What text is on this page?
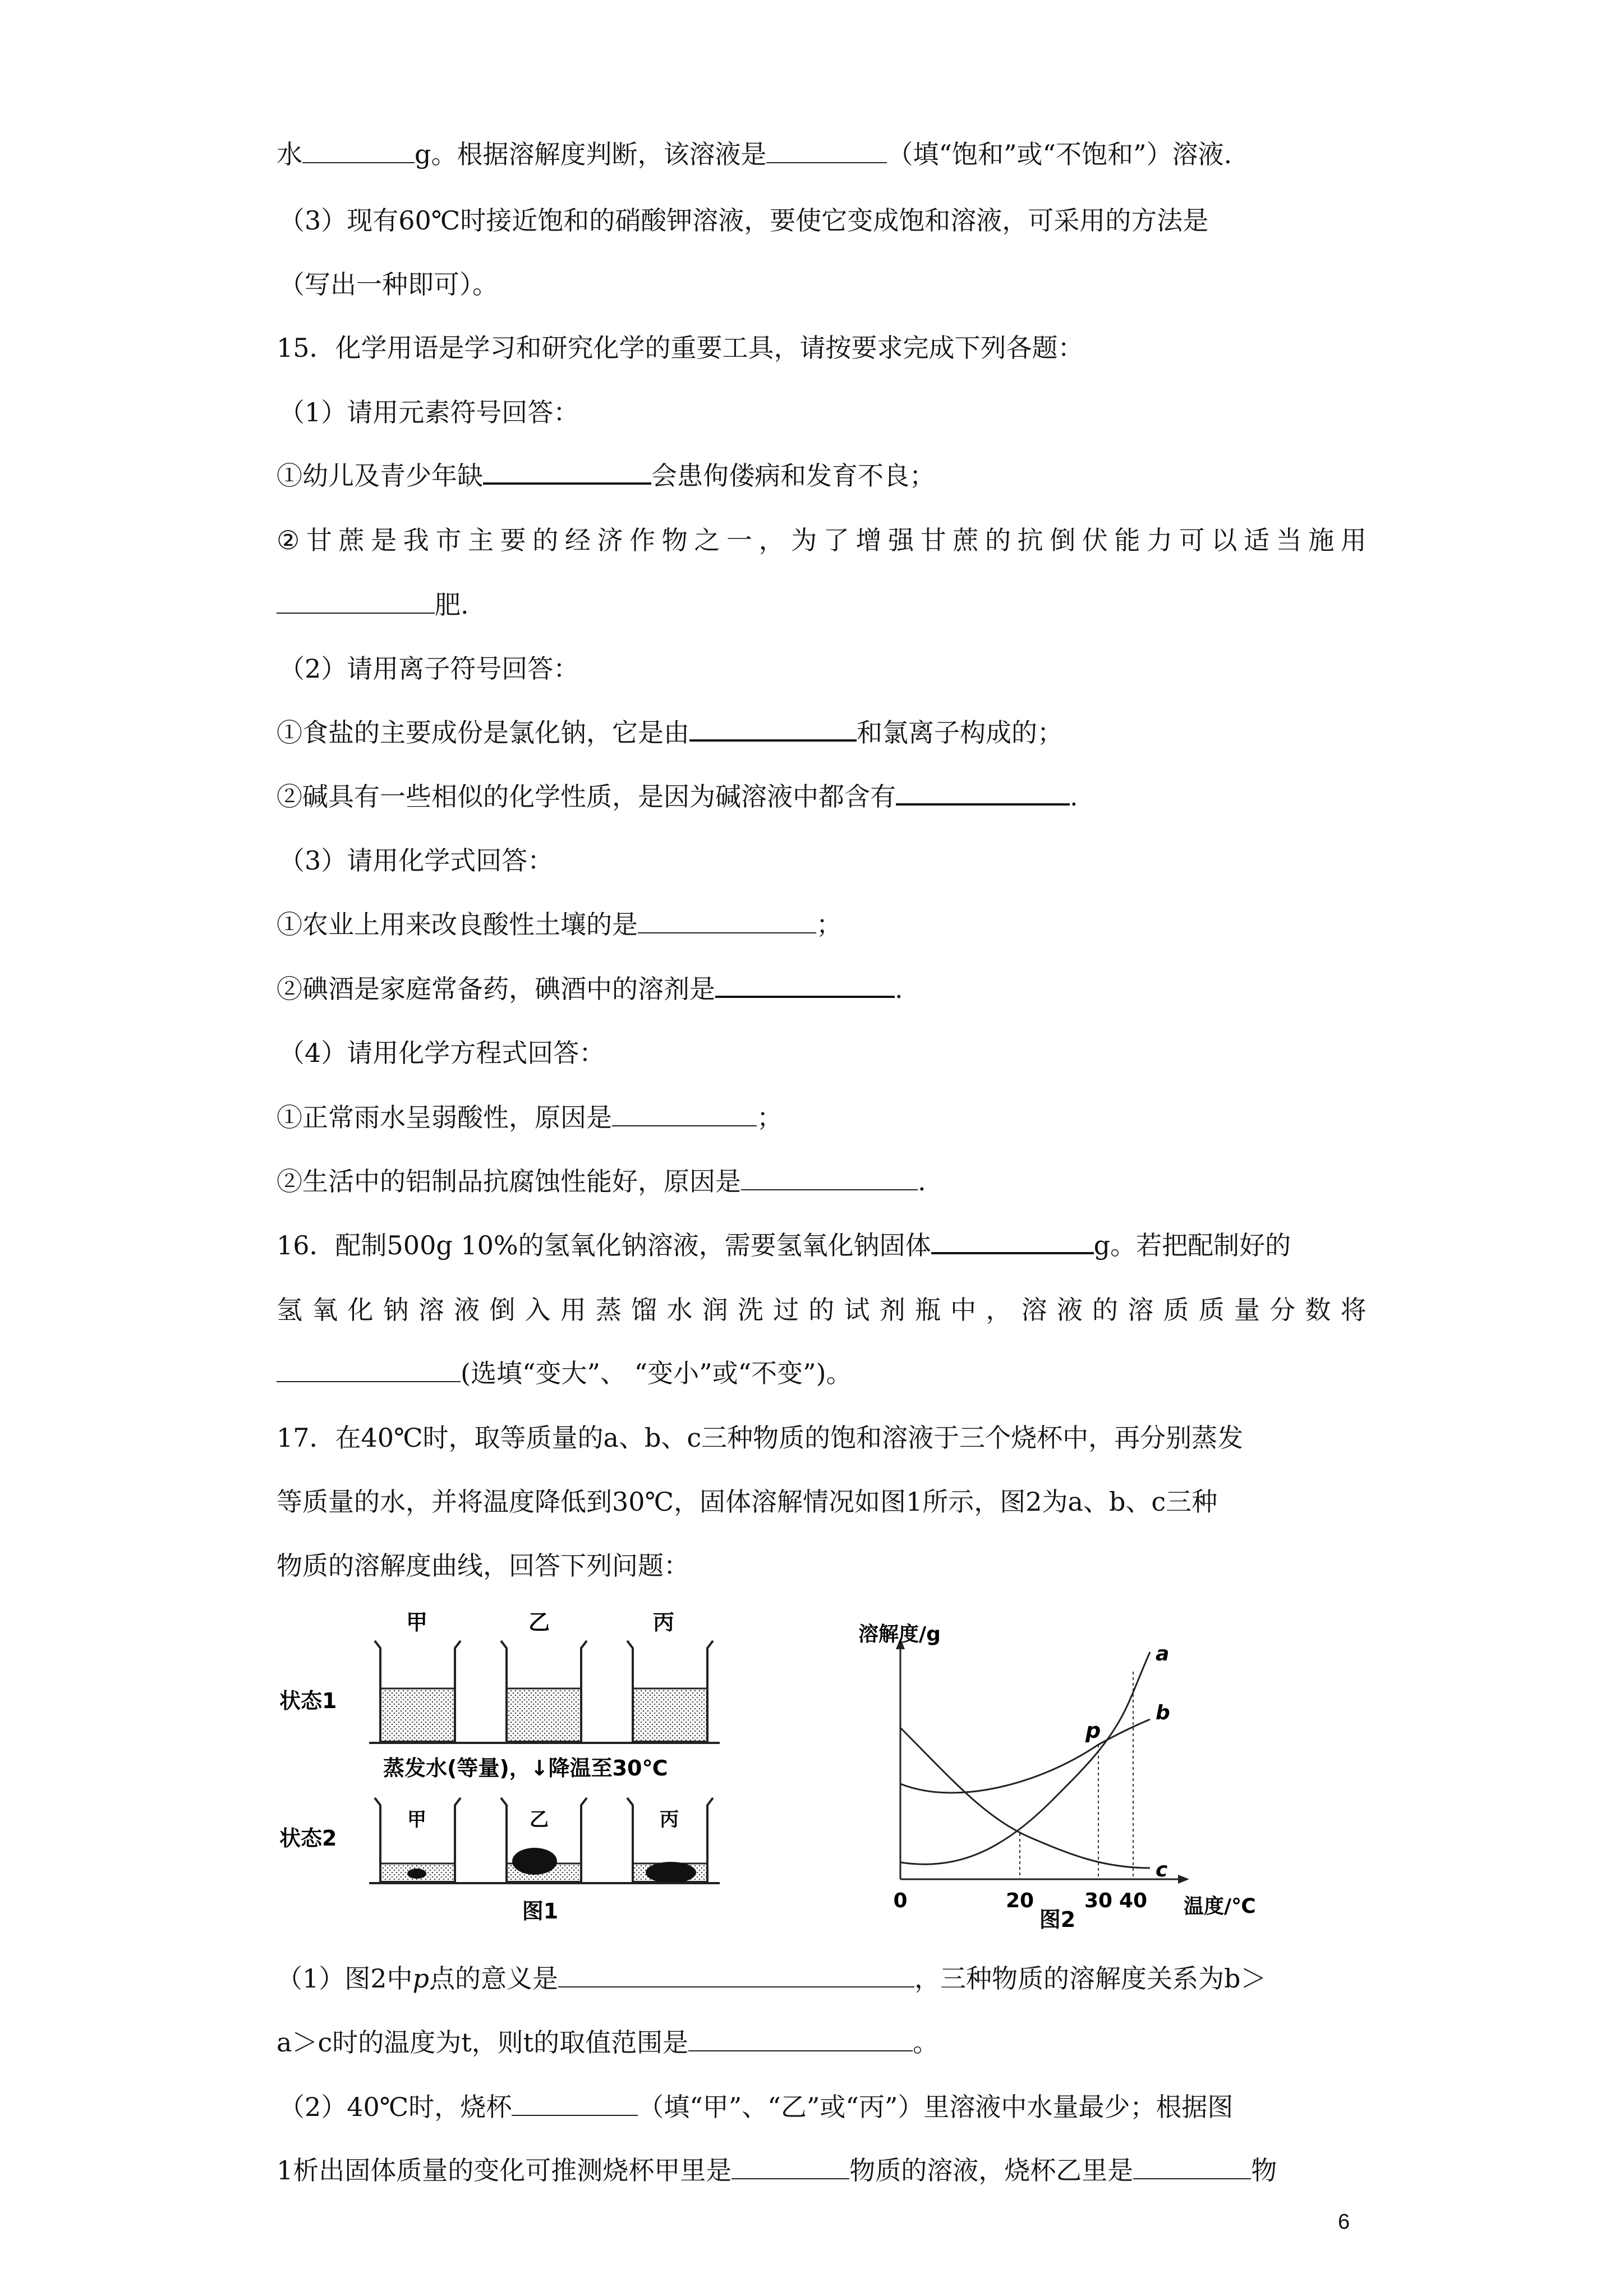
水	g。根据溶解度判断，该溶液是	（填“饱和”或“不饱和”）溶液.
（3）现有60℃时接近饱和的硝酸钾溶液，要使它变成饱和溶液，可采用的方法是
（写出一种即可）。
15．化学用语是学习和研究化学的重要工具，请按要求完成下列各题：
（1）请用元素符号回答：
①幼儿及青少年缺	会患佝偻病和发育不良；
② 甘 蔗 是 我 市 主 要 的 经 济 作 物 之 一 ， 为 了 增 强 甘 蔗 的 抗 倒 伏 能 力 可 以 适 当 施 用
肥.
（2）请用离子符号回答：
①食盐的主要成份是氯化钠，它是由	和氯离子构成的；
②碱具有一些相似的化学性质，是因为碱溶液中都含有	.
（3）请用化学式回答：
①农业上用来改良酸性土壤的是	；
②碘酒是家庭常备药，碘酒中的溶剂是	.
（4）请用化学方程式回答：
①正常雨水呈弱酸性，原因是	；
②生活中的铝制品抗腐蚀性能好，原因是	.
16．配制500g 10%的氢氧化钠溶液，需要氢氧化钠固体	g。若把配制好的
氢 氧 化 钠 溶 液 倒 入 用 蒸 馏 水 润 洗 过 的 试 剂 瓶 中 ， 溶 液 的 溶 质 质 量 分 数 将
(选填“变大”、 “变小”或“不变”)。
17．在40℃时，取等质量的a、b、c三种物质的饱和溶液于三个烧杯中，再分别蒸发
等质量的水，并将温度降低到30℃，固体溶解情况如图1所示，图2为a、b、c三种
物质的溶解度曲线，回答下列问题：
甲	乙	丙
状态1
蒸发水(等量)，↓降温至30℃
状态2
甲	乙	丙
图1
溶解度/g
温度/℃
0	20 30 40
a
b
c
p
图2
（1）图2中p点的意义是	，三种物质的溶解度关系为b＞
a＞c时的温度为t，则t的取值范围是	。
（2）40℃时，烧杯	（填“甲”、“乙”或“丙”）里溶液中水量最少；根据图
1析出固体质量的变化可推测烧杯甲里是	物质的溶液，烧杯乙里是	物
6
